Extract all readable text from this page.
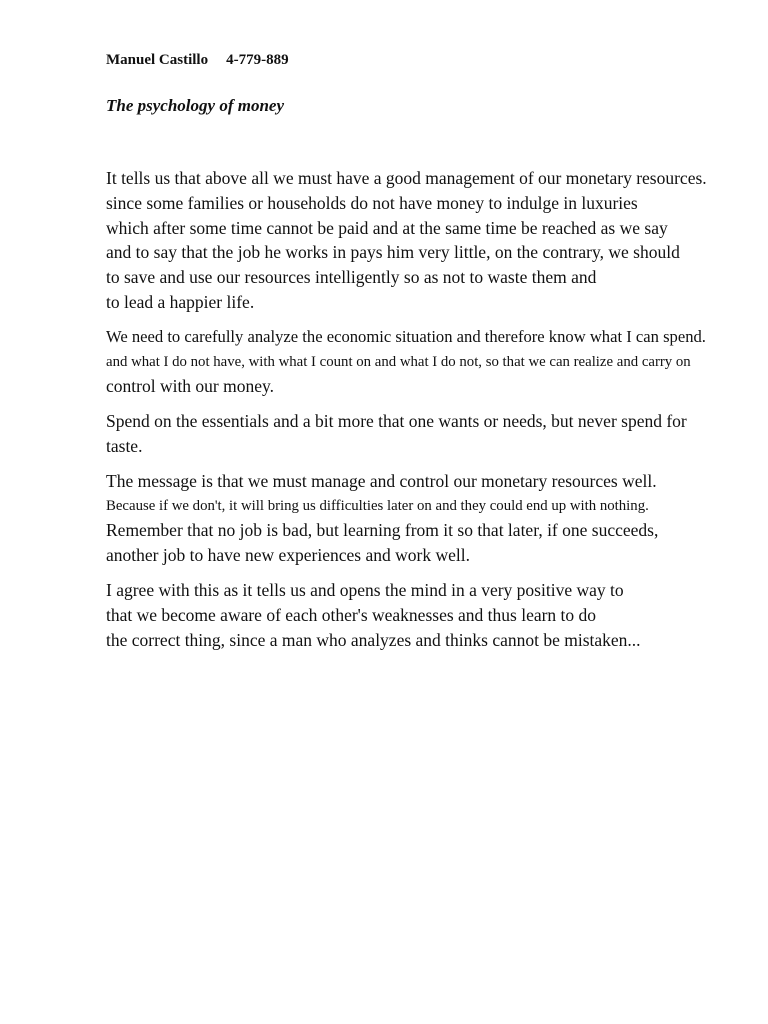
Manuel Castillo 4-779-889
The psychology of money
It tells us that above all we must have a good management of our monetary resources.
since some families or households do not have money to indulge in luxuries
which after some time cannot be paid and at the same time be reached as we say
and to say that the job he works in pays him very little, on the contrary, we should
to save and use our resources intelligently so as not to waste them and
to lead a happier life.
We need to carefully analyze the economic situation and therefore know what I can spend.
and what I do not have, with what I count on and what I do not, so that we can realize and carry on
control with our money.
Spend on the essentials and a bit more that one wants or needs, but never spend for
taste.
The message is that we must manage and control our monetary resources well.
Because if we don't, it will bring us difficulties later on and they could end up with nothing.
Remember that no job is bad, but learning from it so that later, if one succeeds,
another job to have new experiences and work well.
I agree with this as it tells us and opens the mind in a very positive way to
that we become aware of each other's weaknesses and thus learn to do
the correct thing, since a man who analyzes and thinks cannot be mistaken...
